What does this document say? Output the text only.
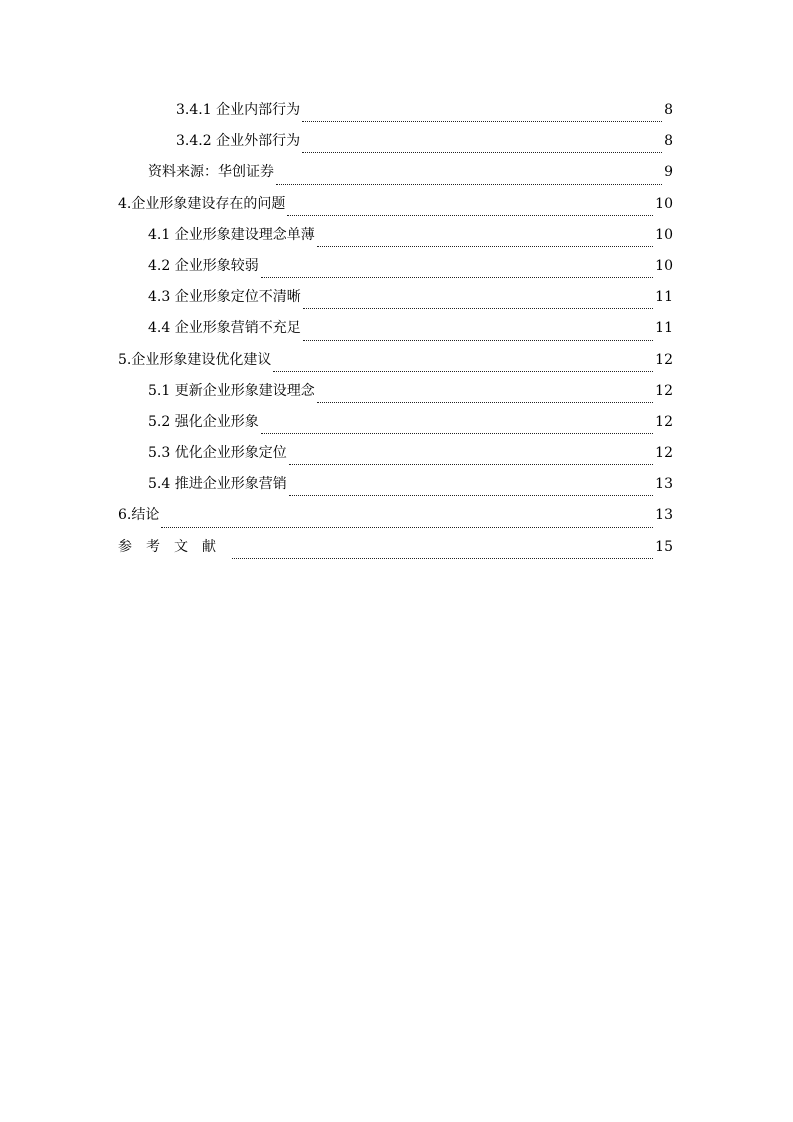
3.4.1 企业内部行为	8
3.4.2 企业外部行为	8
资料来源：华创证券	9
4.企业形象建设存在的问题	10
4.1 企业形象建设理念单薄	10
4.2 企业形象较弱	10
4.3 企业形象定位不清晰	11
4.4 企业形象营销不充足	11
5.企业形象建设优化建议	12
5.1 更新企业形象建设理念	12
5.2 强化企业形象	12
5.3 优化企业形象定位	12
5.4 推进企业形象营销	13
6.结论	13
参考文献	15
